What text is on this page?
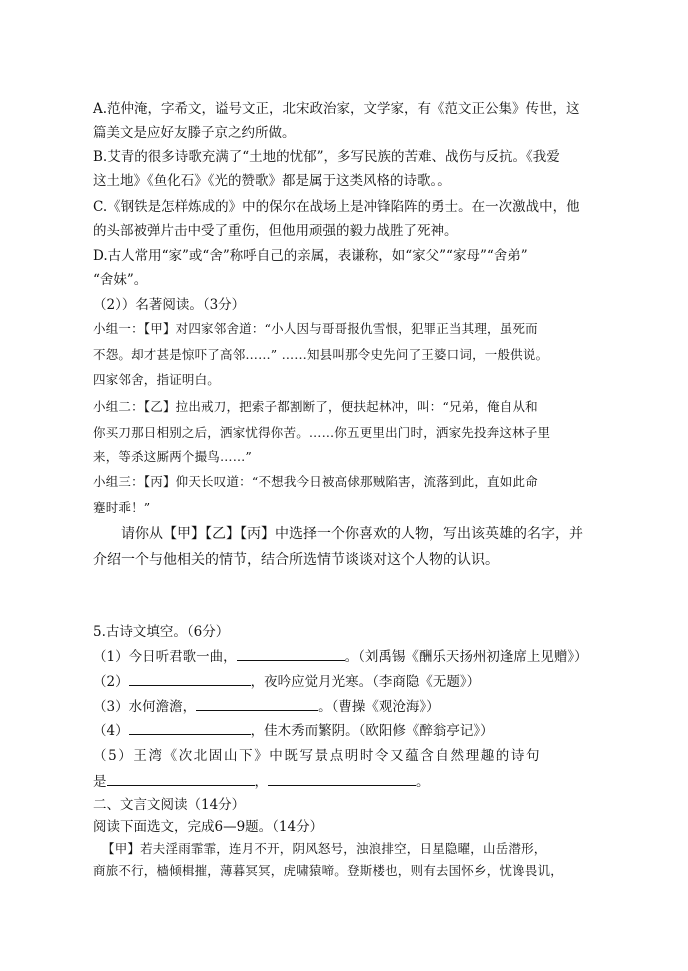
A.范仲淹，字希文，谥号文正，北宋政治家，文学家，有《范文正公集》传世，这
篇美文是应好友滕子京之约所做。
B.艾青的很多诗歌充满了“土地的忧郁”，多写民族的苦难、战伤与反抗。《我爱
这土地》《鱼化石》《光的赞歌》都是属于这类风格的诗歌。。
C.《钢铁是怎样炼成的》中的保尔在战场上是冲锋陷阵的勇士。在一次激战中，他
的头部被弹片击中受了重伤，但他用顽强的毅力战胜了死神。
D.古人常用“家”或“舍”称呼自己的亲属，表谦称，如“家父”“家母”“舍弟”
“舍妹”。
（2））名著阅读。（3分）
小组一：【甲】对四家邻舍道：“小人因与哥哥报仇雪恨，犯罪正当其理，虽死而
不怨。却才甚是惊吓了高邻……” ……知县叫那令史先问了王婆口词，一般供说。
四家邻舍，指证明白。
小组二：【乙】拉出戒刀，把索子都割断了，便扶起林冲，叫：“兄弟，俺自从和
你买刀那日相别之后，洒家忧得你苦。……你五更里出门时，洒家先投奔这林子里
来，等杀这厮两个撮鸟……”
小组三：【丙】仰天长叹道：“不想我今日被高俅那贼陷害，流落到此，直如此命
蹇时乖！”
请你从【甲】【乙】【丙】中选择一个你喜欢的人物，写出该英雄的名字，并
介绍一个与他相关的情节，结合所选情节谈谈对这个人物的认识。
5.古诗文填空。（6分）
（1）今日听君歌一曲，	。（刘禹锡《酬乐天扬州初逢席上见赠》）
（2）	，夜吟应觉月光寒。（李商隐《无题》）
（3）水何澹澹，	。（曹操《观沧海》）
（4）	，佳木秀而繁阴。（欧阳修《醉翁亭记》）
（5）王湾《次北固山下》中既写景点明时令又蕴含自然理趣的诗句
是	，	。
二、文言文阅读（14分）
阅读下面选文，完成6—9题。（14分）
【甲】若夫淫雨霏霏，连月不开，阴风怒号，浊浪排空，日星隐曜，山岳潜形，
商旅不行，樯倾楫摧，薄暮冥冥，虎啸猿啼。登斯楼也，则有去国怀乡，忧谗畏讥，
